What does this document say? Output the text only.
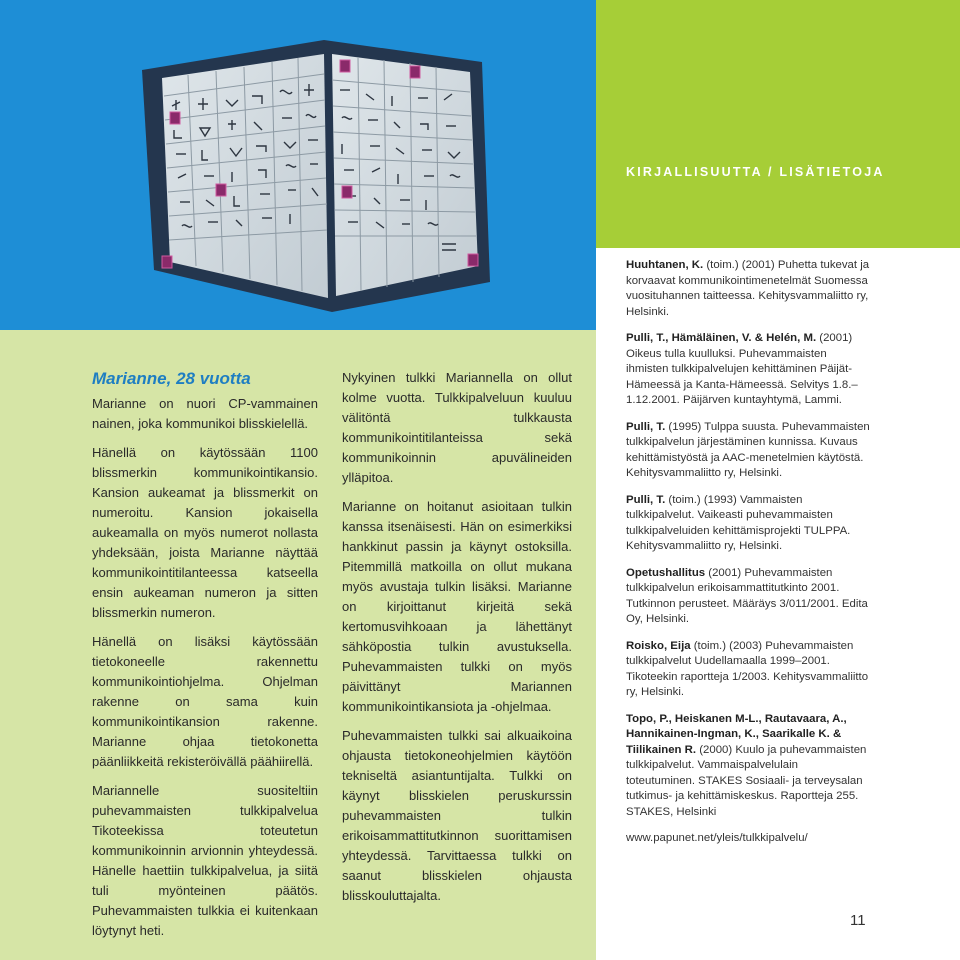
KIRJALLISUUTTA / LISÄTIETOJA
Marianne, 28 vuotta

Marianne on nuori CP-vammainen nainen, joka kommunikoi blisskielellä.

Hänellä on käytössään 1100 blissmerkin kommunikointikansio. Kansion aukeamat ja blissmerkit on numeroitu. Kansion jokaisella aukeamalla on myös numerot nollasta yhdeksään, joista Marianne näyttää kommunikointitilanteessa katseella ensin aukeaman numeron ja sitten blissmerkin numeron.

Hänellä on lisäksi käytössään tietokoneelle rakennettu kommunikointiohjelma. Ohjelman rakenne on sama kuin kommunikointikansion rakenne. Marianne ohjaa tietokonetta päänliikkeitä rekisteröivällä päähiirellä.

Mariannelle suositeltiin puhevammaisten tulkkipalvelua Tikoteekissa toteutetun kommunikoinnin arvionnin yhteydessä. Hänelle haettiin tulkkipalvelua, ja siitä tuli myönteinen päätös. Puhevammaisten tulkkia ei kuitenkaan löytynyt heti.

Nykyinen tulkki Mariannella on ollut kolme vuotta. Tulkkipalveluun kuuluu välitöntä tulkkausta kommunikointitilanteissa sekä kommunikoinnin apuvälineiden ylläpitoa.

Marianne on hoitanut asioitaan tulkin kanssa itsenäisesti. Hän on esimerkiksi hankkinut passin ja käynyt ostoksilla. Pitemmillä matkoilla on ollut mukana myös avustaja tulkin lisäksi. Marianne on kirjoittanut kirjeitä sekä kertomusvihkoaan ja lähettänyt sähköpostia tulkin avustuksella. Puhevammaisten tulkki on myös päivittänyt Mariannen kommunikointikansiota ja -ohjelmaa.

Puhevammaisten tulkki sai alkuaikoina ohjausta tietokoneohjelmien käytöön tekniseltä asiantuntijalta. Tulkki on käynyt blisskielen peruskurssin puhevammaisten tulkin erikoisammattitutkinnon suorittamisen yhteydessä. Tarvittaessa tulkki on saanut blisskielen ohjausta blisskouluttajalta.

Huuhtanen, K. (toim.) (2001) Puhetta tukevat ja korvaavat kommunikointimenetelmät Suomessa vuosituhannen taitteessa. Kehitysvammaliitto ry, Helsinki.
Pulli, T., Hämäläinen, V. & Helén, M. (2001) Oikeus tulla kuulluksi. Puhevammaisten ihmisten tulkkipalvelujen kehittäminen Päijät-Hämeessä ja Kanta-Hämeessä. Selvitys 1.8.–1.12.2001. Päijärven kuntayhtymä, Lammi.
Pulli, T. (1995) Tulppa suusta. Puhevammaisten tulkkipalvelun järjestäminen kunnissa. Kuvaus kehittämistyöstä ja AAC-menetelmien käytöstä. Kehitysvammaliitto ry, Helsinki.
Pulli, T. (toim.) (1993) Vammaisten tulkkipalvelut. Vaikeasti puhevammaisten tulkkipalveluiden kehittämisprojekti TULPPA. Kehitysvammaliitto ry, Helsinki.
Opetushallitus (2001) Puhevammaisten tulkkipalvelun erikoisammattitutkinto 2001. Tutkinnon perusteet. Määräys 3/011/2001. Edita Oy, Helsinki.
Roisko, Eija (toim.) (2003) Puhevammaisten tulkkipalvelut Uudellamaalla 1999–2001. Tikoteekin raportteja 1/2003. Kehitysvammaliitto ry, Helsinki.
Topo, P., Heiskanen M-L., Rautavaara, A., Hannikainen-Ingman, K., Saarikalle K. & Tiilikainen R. (2000) Kuulo ja puhevammaisten tulkkipalvelut. Vammaispalvelulain toteutuminen. STAKES Sosiaali- ja terveysalan tutkimus- ja kehittämiskeskus. Raportteja 255. STAKES, Helsinki
www.papunet.net/yleis/tulkkipalvelu/
11
